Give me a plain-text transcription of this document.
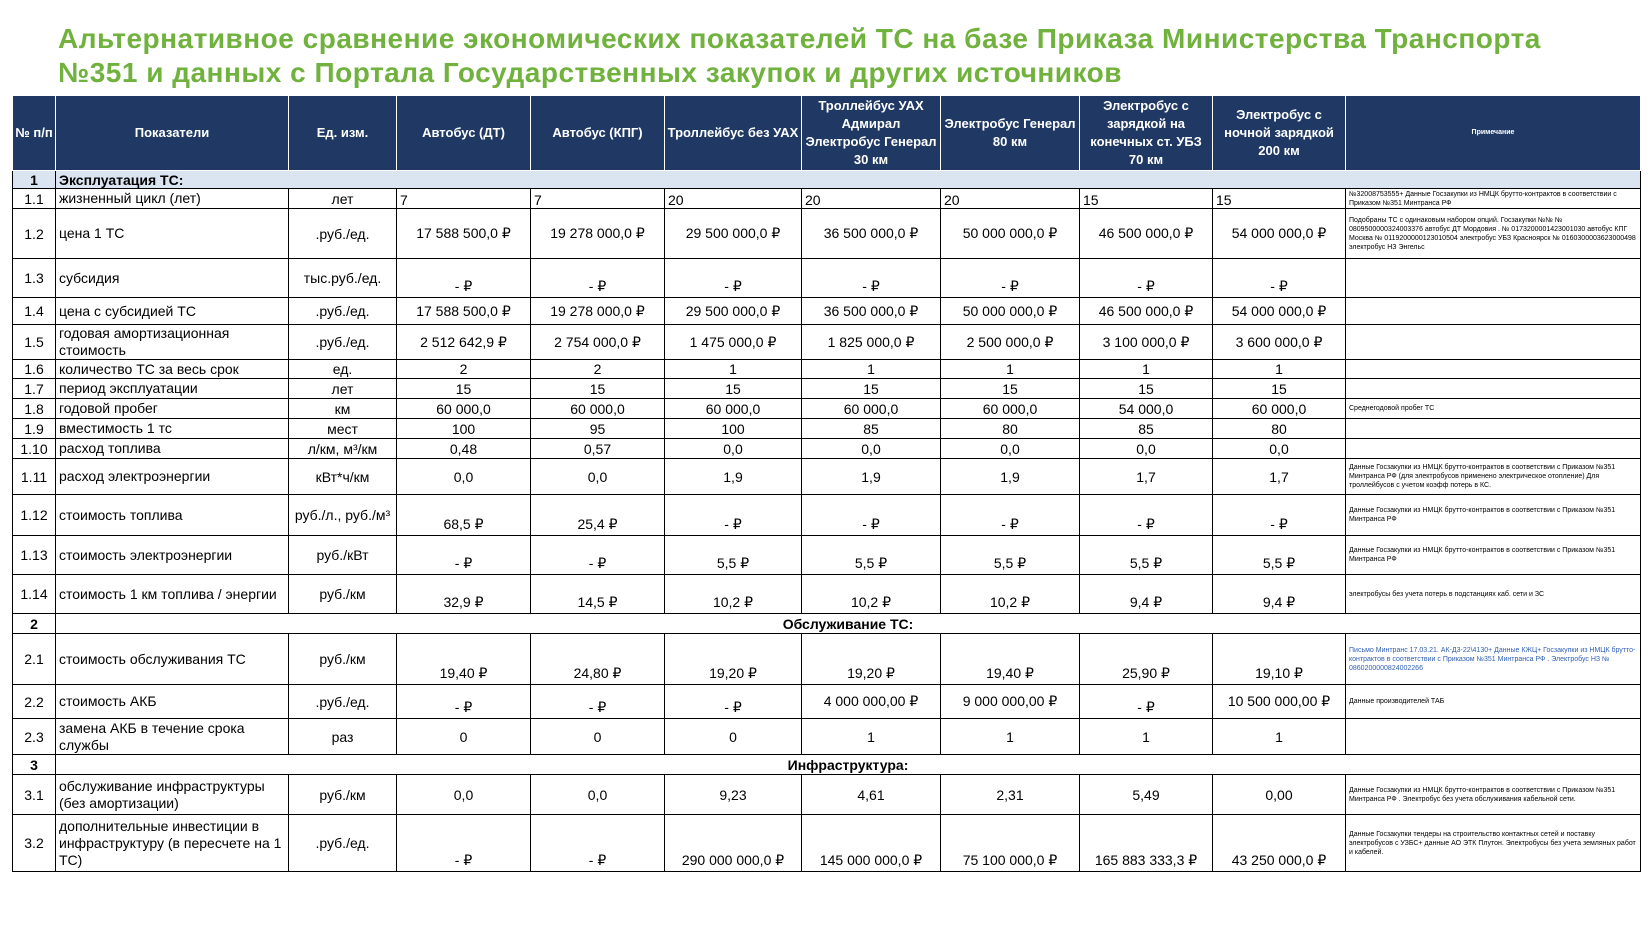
Альтернативное сравнение экономических показателей ТС на базе Приказа Министерства Транспорта №351 и данных с Портала Государственных закупок и других источников
№ п/п	Показатели	Ед. изм.	Автобус (ДТ)	Автобус (КПГ)	Троллейбус без УАХ	Троллейбус УАХ Адмирал Электробус Генерал 30 км	Электробус Генерал 80 км	Электробус с зарядкой на конечных ст. УБЗ 70 км	Электробус с ночной зарядкой 200 км	Примечание
1	Эксплуатация ТС:									
1.1	жизненный цикл (лет)	лет	7	7	20	20	20	15	15	№32008753555+ Данные Госзакупки из НМЦК брутто-контрактов в соответствии с Приказом №351 Минтранса РФ
1.2	цена 1 ТС	.руб./ед.	17 588 500,0 ₽	19 278 000,0 ₽	29 500 000,0 ₽	36 500 000,0 ₽	50 000 000,0 ₽	46 500 000,0 ₽	54 000 000,0 ₽	Подобраны ТС с одинаковым набором опций. Госзакупки №№ № 0809500000324003376 автобус ДТ Мордовия . № 0173200001423001030 автобус КПГ Москва № 0119200000123010504 электробус УБЗ Красноярск № 0160300003623000498 электробус НЗ Энгельс
1.3	субсидия	тыс.руб./ед.	- ₽	- ₽	- ₽	- ₽	- ₽	- ₽	- ₽	
1.4	цена с субсидией ТС	.руб./ед.	17 588 500,0 ₽	19 278 000,0 ₽	29 500 000,0 ₽	36 500 000,0 ₽	50 000 000,0 ₽	46 500 000,0 ₽	54 000 000,0 ₽	
1.5	годовая амортизационная стоимость	.руб./ед.	2 512 642,9 ₽	2 754 000,0 ₽	1 475 000,0 ₽	1 825 000,0 ₽	2 500 000,0 ₽	3 100 000,0 ₽	3 600 000,0 ₽	
1.6	количество ТС за весь срок	ед.	2	2	1	1	1	1	1	
1.7	период эксплуатации	лет	15	15	15	15	15	15	15	
1.8	годовой пробег	км	60 000,0	60 000,0	60 000,0	60 000,0	60 000,0	54 000,0	60 000,0	Среднегодовой пробег ТС
1.9	вместимость 1 тс	мест	100	95	100	85	80	85	80	
1.10	расход топлива	л/км, м³/км	0,48	0,57	0,0	0,0	0,0	0,0	0,0	
1.11	расход электроэнергии	кВт*ч/км	0,0	0,0	1,9	1,9	1,9	1,7	1,7	Данные Госзакупки из НМЦК брутто-контрактов в соответствии с Приказом №351 Минтранса РФ (для электробусов применено электрическое отопление) Для троллейбусов с учетом коэфф потерь в КС.
1.12	стоимость топлива	руб./л., руб./м³	68,5 ₽	25,4 ₽	- ₽	- ₽	- ₽	- ₽	- ₽	Данные Госзакупки из НМЦК брутто-контрактов в соответствии с Приказом №351 Минтранса РФ
1.13	стоимость электроэнергии	руб./кВт	- ₽	- ₽	5,5 ₽	5,5 ₽	5,5 ₽	5,5 ₽	5,5 ₽	Данные Госзакупки из НМЦК брутто-контрактов в соответствии с Приказом №351 Минтранса РФ
1.14	стоимость 1 км топлива / энергии	руб./км	32,9 ₽	14,5 ₽	10,2 ₽	10,2 ₽	10,2 ₽	9,4 ₽	9,4 ₽	электробусы без учета потерь в подстанциях каб. сети и ЗС
2	Обслуживание ТС:									
2.1	стоимость обслуживания ТС	руб./км	19,40 ₽	24,80 ₽	19,20 ₽	19,20 ₽	19,40 ₽	25,90 ₽	19,10 ₽	Письмо Минтранс 17.03.21. АК-Д3-22\4130+ Данные КЖЦ+ Госзакупки из НМЦК брутто-контрактов в соответствии с Приказом №351 Минтранса РФ . Электробус НЗ № 0860200000824002266
2.2	стоимость АКБ	.руб./ед.	- ₽	- ₽	- ₽	4 000 000,00 ₽	9 000 000,00 ₽	- ₽	10 500 000,00 ₽	Данные производителей ТАБ
2.3	замена АКБ в течение срока службы	раз	0	0	0	1	1	1	1	
3	Инфраструктура:									
3.1	обслуживание инфраструктуры (без амортизации)	руб./км	0,0	0,0	9,23	4,61	2,31	5,49	0,00	Данные Госзакупки из НМЦК брутто-контрактов в соответствии с Приказом №351 Минтранса РФ . Электробус без учета обслуживания кабельной сети.
3.2	дополнительные инвестиции в инфраструктуру (в пересчете на 1 ТС)	.руб./ед.	- ₽	- ₽	290 000 000,0 ₽	145 000 000,0 ₽	75 100 000,0 ₽	165 883 333,3 ₽	43 250 000,0 ₽	Данные Госзакупки тендеры на строительство контактных сетей и поставку электробусов с УЗБС+ данные АО ЭТК Плутон. Электробусы без учета земляных работ и кабелей.
